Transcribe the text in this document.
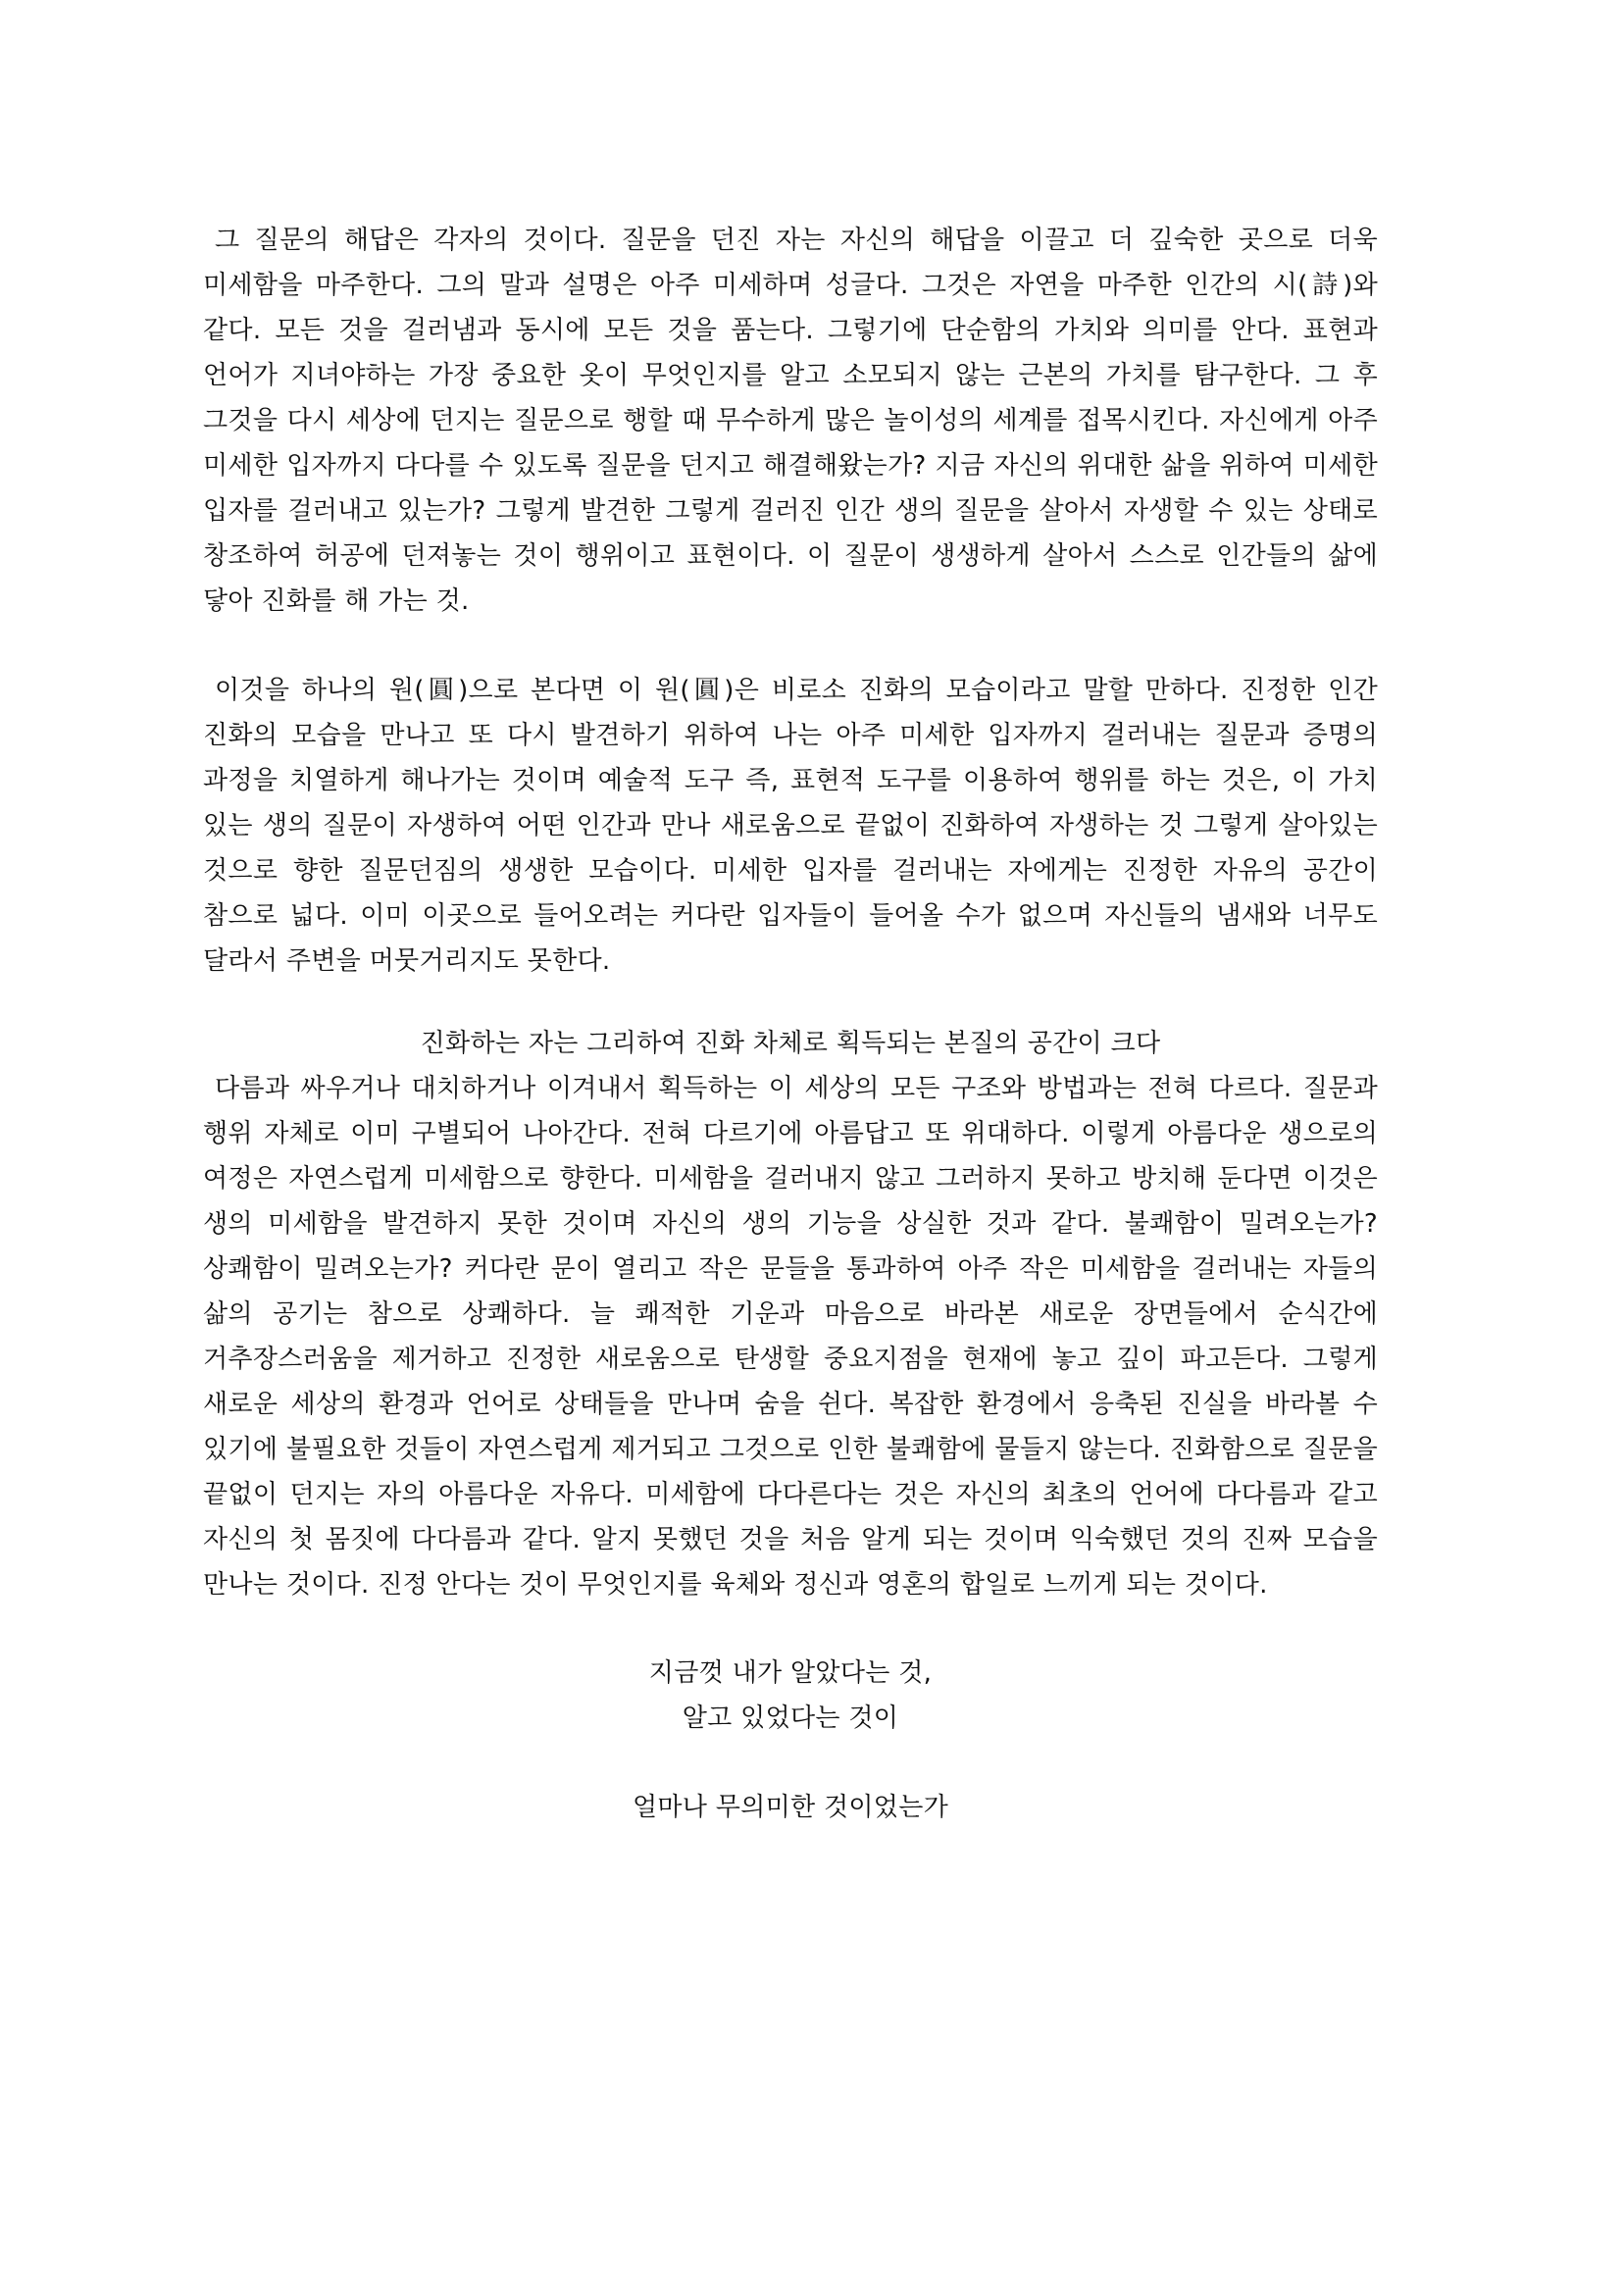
그 질문의 해답은 각자의 것이다. 질문을 던진 자는 자신의 해답을 이끌고 더 깊숙한 곳으로 더욱 미세함을 마주한다. 그의 말과 설명은 아주 미세하며 성글다. 그것은 자연을 마주한 인간의 시(詩)와 같다. 모든 것을 걸러냄과 동시에 모든 것을 품는다. 그렇기에 단순함의 가치와 의미를 안다. 표현과 언어가 지녀야하는 가장 중요한 옷이 무엇인지를 알고 소모되지 않는 근본의 가치를 탐구한다. 그 후 그것을 다시 세상에 던지는 질문으로 행할 때 무수하게 많은 놀이성의 세계를 접목시킨다. 자신에게 아주 미세한 입자까지 다다를 수 있도록 질문을 던지고 해결해왔는가? 지금 자신의 위대한 삶을 위하여 미세한 입자를 걸러내고 있는가? 그렇게 발견한 그렇게 걸러진 인간 생의 질문을 살아서 자생할 수 있는 상태로 창조하여 허공에 던져놓는 것이 행위이고 표현이다. 이 질문이 생생하게 살아서 스스로 인간들의 삶에 닿아 진화를 해 가는 것.

이것을 하나의 원(圓)으로 본다면 이 원(圓)은 비로소 진화의 모습이라고 말할 만하다. 진정한 인간 진화의 모습을 만나고 또 다시 발견하기 위하여 나는 아주 미세한 입자까지 걸러내는 질문과 증명의 과정을 치열하게 해나가는 것이며 예술적 도구 즉, 표현적 도구를 이용하여 행위를 하는 것은, 이 가치 있는 생의 질문이 자생하여 어떤 인간과 만나 새로움으로 끝없이 진화하여 자생하는 것 그렇게 살아있는 것으로 향한 질문던짐의 생생한 모습이다. 미세한 입자를 걸러내는 자에게는 진정한 자유의 공간이 참으로 넓다. 이미 이곳으로 들어오려는 커다란 입자들이 들어올 수가 없으며 자신들의 냄새와 너무도 달라서 주변을 머뭇거리지도 못한다.

진화하는 자는 그리하여 진화 차체로 획득되는 본질의 공간이 크다

다름과 싸우거나 대치하거나 이겨내서 획득하는 이 세상의 모든 구조와 방법과는 전혀 다르다. 질문과 행위 자체로 이미 구별되어 나아간다. 전혀 다르기에 아름답고 또 위대하다. 이렇게 아름다운 생으로의 여정은 자연스럽게 미세함으로 향한다. 미세함을 걸러내지 않고 그러하지 못하고 방치해 둔다면 이것은 생의 미세함을 발견하지 못한 것이며 자신의 생의 기능을 상실한 것과 같다. 불쾌함이 밀려오는가? 상쾌함이 밀려오는가? 커다란 문이 열리고 작은 문들을 통과하여 아주 작은 미세함을 걸러내는 자들의 삶의 공기는 참으로 상쾌하다. 늘 쾌적한 기운과 마음으로 바라본 새로운 장면들에서 순식간에 거추장스러움을 제거하고 진정한 새로움으로 탄생할 중요지점을 현재에 놓고 깊이 파고든다. 그렇게 새로운 세상의 환경과 언어로 상태들을 만나며 숨을 쉰다. 복잡한 환경에서 응축된 진실을 바라볼 수 있기에 불필요한 것들이 자연스럽게 제거되고 그것으로 인한 불쾌함에 물들지 않는다. 진화함으로 질문을 끝없이 던지는 자의 아름다운 자유다. 미세함에 다다른다는 것은 자신의 최초의 언어에 다다름과 같고 자신의 첫 몸짓에 다다름과 같다. 알지 못했던 것을 처음 알게 되는 것이며 익숙했던 것의 진짜 모습을 만나는 것이다. 진정 안다는 것이 무엇인지를 육체와 정신과 영혼의 합일로 느끼게 되는 것이다.

지금껏 내가 알았다는 것,

알고 있었다는 것이

얼마나 무의미한 것이었는가
